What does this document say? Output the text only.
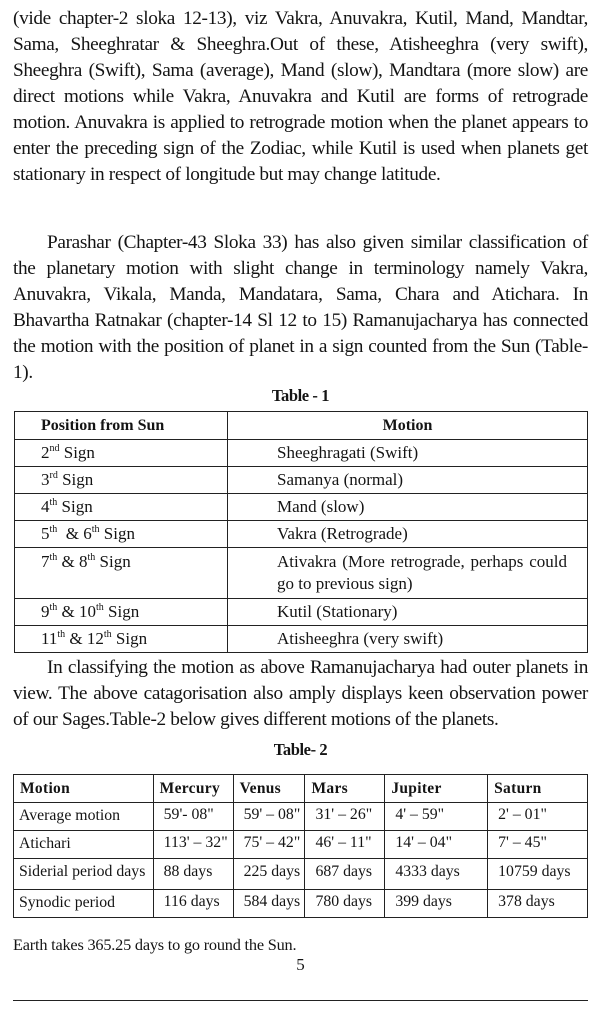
(vide chapter-2 sloka 12-13), viz Vakra, Anuvakra, Kutil, Mand, Mandtar, Sama, Sheeghratar & Sheeghra.Out of these, Atisheeghra (very swift), Sheeghra (Swift), Sama (average), Mand (slow), Mandtara (more slow) are direct motions while Vakra, Anuvakra and Kutil are forms of retrograde motion. Anuvakra is applied to retrograde motion when the planet appears to enter the preceding sign of the Zodiac, while Kutil is used when planets get stationary in respect of longitude but may change latitude.

Parashar (Chapter-43 Sloka 33) has also given similar classification of the planetary motion with slight change in terminology namely Vakra, Anuvakra, Vikala, Manda, Mandatara, Sama, Chara and Atichara. In Bhavartha Ratnakar (chapter-14 Sl 12 to 15) Ramanujacharya has connected the motion with the position of planet in a sign counted from the Sun (Table-1).

Table - 1
Position from Sun	Motion
2nd Sign	Sheeghragati (Swift)
3rd Sign	Samanya (normal)
4th Sign	Mand (slow)
5th  & 6th Sign	Vakra (Retrograde)
7th & 8th Sign	Ativakra (More retrograde, perhaps could go to previous sign)
9th & 10th Sign	Kutil (Stationary)
11th & 12th Sign	Atisheeghra (very swift)

In classifying the motion as above Ramanujacharya had outer planets in view. The above catagorisation also amply displays keen observation power of our Sages.Table-2 below gives different motions of the planets.

Table- 2
Motion	Mercury	Venus	Mars	Jupiter	Saturn
Average motion	59'- 08"	59' – 08"	31' – 26"	4' – 59"	2' – 01"
Atichari	113' – 32"	75' – 42"	46' – 11"	14' – 04"	7' – 45"
Siderial period days	88 days	225 days	687 days	4333 days	10759 days
Synodic period	116 days	584 days	780 days	399 days	378 days
Earth takes 365.25 days to go round the Sun.
5
